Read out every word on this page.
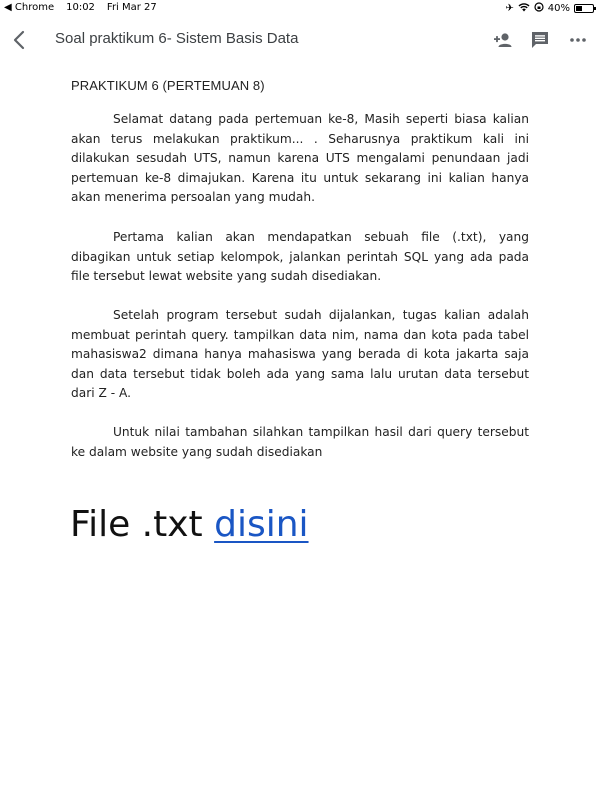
◀ Chrome 10:02 Fri Mar 27	✈	40%
Soal praktikum 6- Sistem Basis Data
PRAKTIKUM 6 (PERTEMUAN 8)

Selamat datang pada pertemuan ke-8, Masih seperti biasa kalian akan terus melakukan praktikum... . Seharusnya praktikum kali ini dilakukan sesudah UTS, namun karena UTS mengalami penundaan jadi pertemuan ke-8 dimajukan. Karena itu untuk sekarang ini kalian hanya akan menerima persoalan yang mudah.

Pertama kalian akan mendapatkan sebuah file (.txt), yang dibagikan untuk setiap kelompok, jalankan perintah SQL yang ada pada file tersebut lewat website yang sudah disediakan.

Setelah program tersebut sudah dijalankan, tugas kalian adalah membuat perintah query. tampilkan data nim, nama dan kota pada tabel mahasiswa2 dimana hanya mahasiswa yang berada di kota jakarta saja dan data tersebut tidak boleh ada yang sama lalu urutan data tersebut dari Z - A.

Untuk nilai tambahan silahkan tampilkan hasil dari query tersebut ke dalam website yang sudah disediakan

File .txt disini
